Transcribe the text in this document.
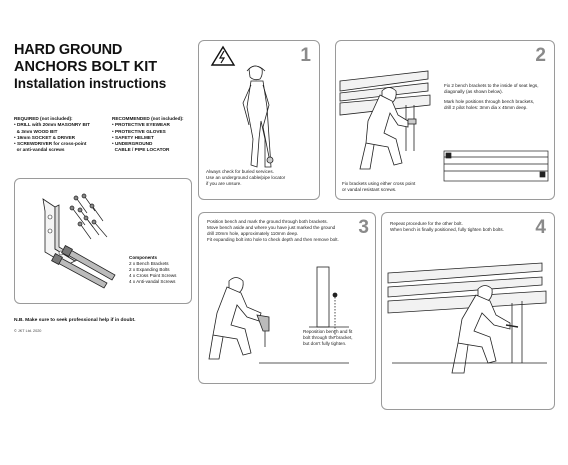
HARD GROUND
ANCHORS BOLT KIT
Installation instructions
REQUIRED (not included):
• DRILL with 20mm MASONRY BIT
& 3mm WOOD BIT
• 19mm SOCKET & DRIVER
• SCREWDRIVER for cross-point
or anti-vandal screws
RECOMMENDED (not included):
• PROTECTIVE EYEWEAR
• PROTECTIVE GLOVES
• SAFETY HELMET
• UNDERGROUND
CABLE / PIPE LOCATOR
Components
2 x Bench Brackets
2 x Expanding Bolts
4 x Cross Point Screws
4 x Anti-vandal Screws
N.B. Make sure to seek professional help if in doubt.
© JKT Ltd. 2020
1
Always check for buried services.
Use an underground cable/pipe locator
if you are unsure.
2
Fix 2 bench brackets to the inside of seat legs,
diagonally (as shown below).
Mark hole positions through bench brackets,
drill 2 pilot holes: 3mm dia x 45mm deep.
Fix brackets using either cross point
or vandal resistant screws.
3
Position bench and mark the ground through both brackets.
Move bench aside and where you have just marked the ground
drill 20mm hole, approximately 110mm deep.
Fit expanding bolt into hole to check depth and then remove bolt.
Reposition bench and fit
bolt through the bracket,
but don't fully tighten.
4
Repeat procedure for the other bolt.
When bench is finally positioned, fully tighten both bolts.
